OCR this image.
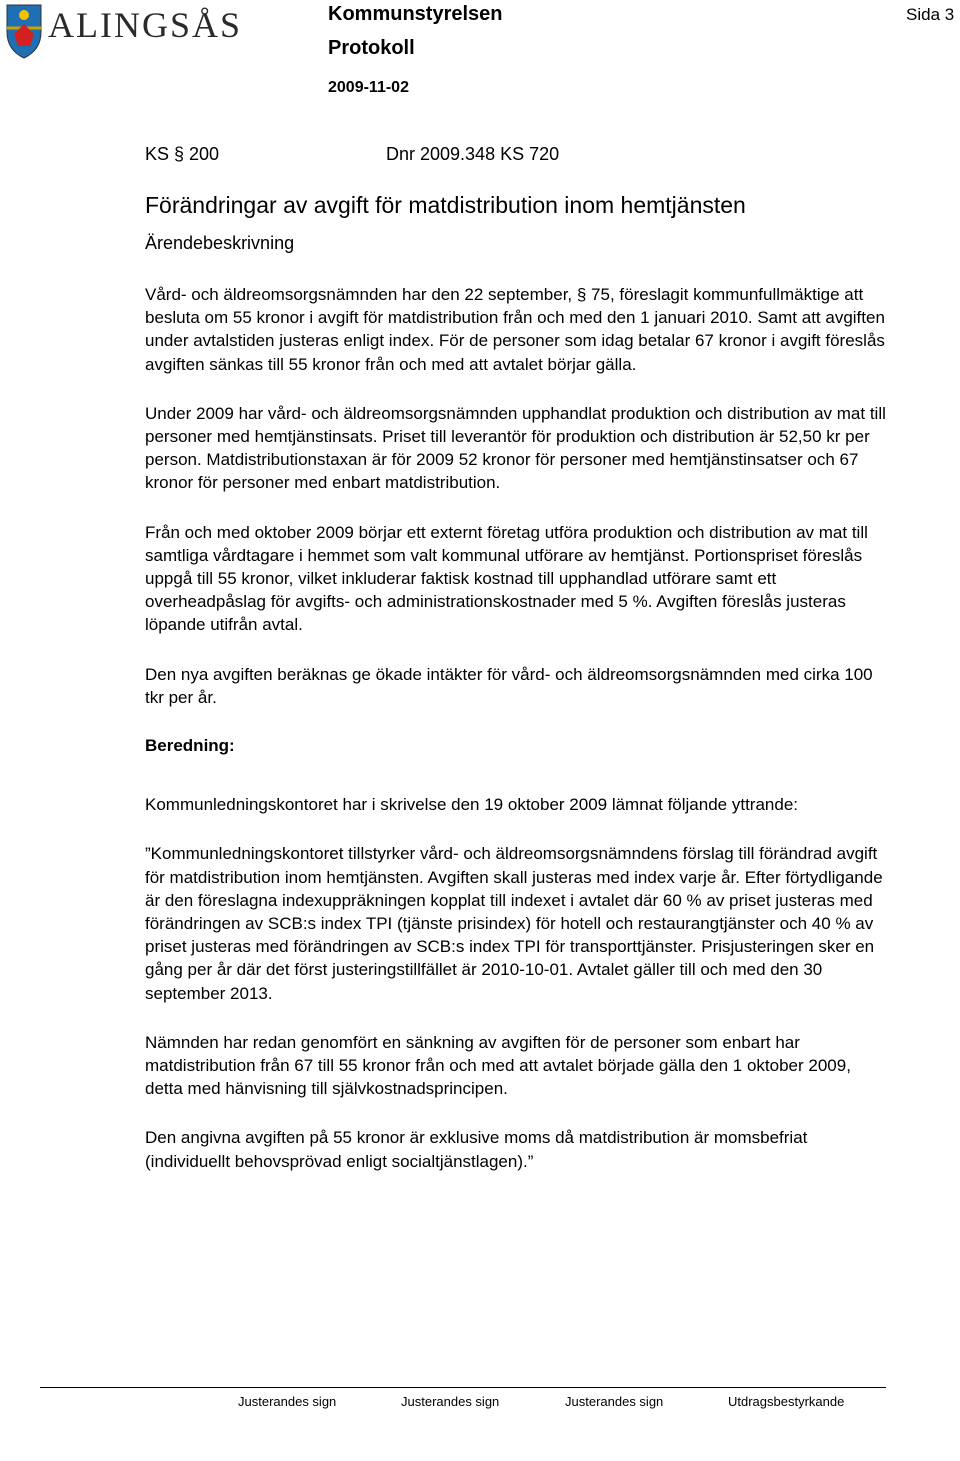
ALINGSÅS	Kommunstyrelsen
Protokoll
2009-11-02
Sida 3
KS § 200	Dnr 2009.348 KS 720
Förändringar av avgift för matdistribution inom hemtjänsten
Ärendebeskrivning

Vård- och äldreomsorgsnämnden har den 22 september, § 75, föreslagit kommunfullmäktige att besluta om 55 kronor i avgift för matdistribution från och med den 1 januari 2010. Samt att avgiften under avtalstiden justeras enligt index. För de personer som idag betalar 67 kronor i avgift föreslås avgiften sänkas till 55 kronor från och med att avtalet börjar gälla.

Under 2009 har vård- och äldreomsorgsnämnden upphandlat produktion och distribution av mat till personer med hemtjänstinsats. Priset till leverantör för produktion och distribution är 52,50 kr per person. Matdistributionstaxan är för 2009 52 kronor för personer med hemtjänstinsatser och 67 kronor för personer med enbart matdistribution.

Från och med oktober 2009 börjar ett externt företag utföra produktion och distribution av mat till samtliga vårdtagare i hemmet som valt kommunal utförare av hemtjänst. Portionspriset föreslås uppgå till 55 kronor, vilket inkluderar faktisk kostnad till upphandlad utförare samt ett overheadpåslag för avgifts- och administrationskostnader med 5 %. Avgiften föreslås justeras löpande utifrån avtal.

Den nya avgiften beräknas ge ökade intäkter för vård- och äldreomsorgsnämnden med cirka 100 tkr per år.

Beredning:

Kommunledningskontoret har i skrivelse den 19 oktober 2009 lämnat följande yttrande:

”Kommunledningskontoret tillstyrker vård- och äldreomsorgsnämndens förslag till förändrad avgift för matdistribution inom hemtjänsten. Avgiften skall justeras med index varje år. Efter förtydligande är den föreslagna indexuppräkningen kopplat till indexet i avtalet där 60 % av priset justeras med förändringen av SCB:s index TPI (tjänste prisindex) för hotell och restaurangtjänster och 40 % av priset justeras med förändringen av SCB:s index TPI för transporttjänster. Prisjusteringen sker en gång per år där det först justeringstillfället är 2010-10-01. Avtalet gäller till och med den 30 september 2013.

Nämnden har redan genomfört en sänkning av avgiften för de personer som enbart har matdistribution från 67 till 55 kronor från och med att avtalet började gälla den 1 oktober 2009, detta med hänvisning till självkostnadsprincipen.

Den angivna avgiften på 55 kronor är exklusive moms då matdistribution är momsbefriat (individuellt behovsprövad enligt socialtjänstlagen).”

Justerandes sign	Justerandes sign	Justerandes sign	Utdragsbestyrkande
